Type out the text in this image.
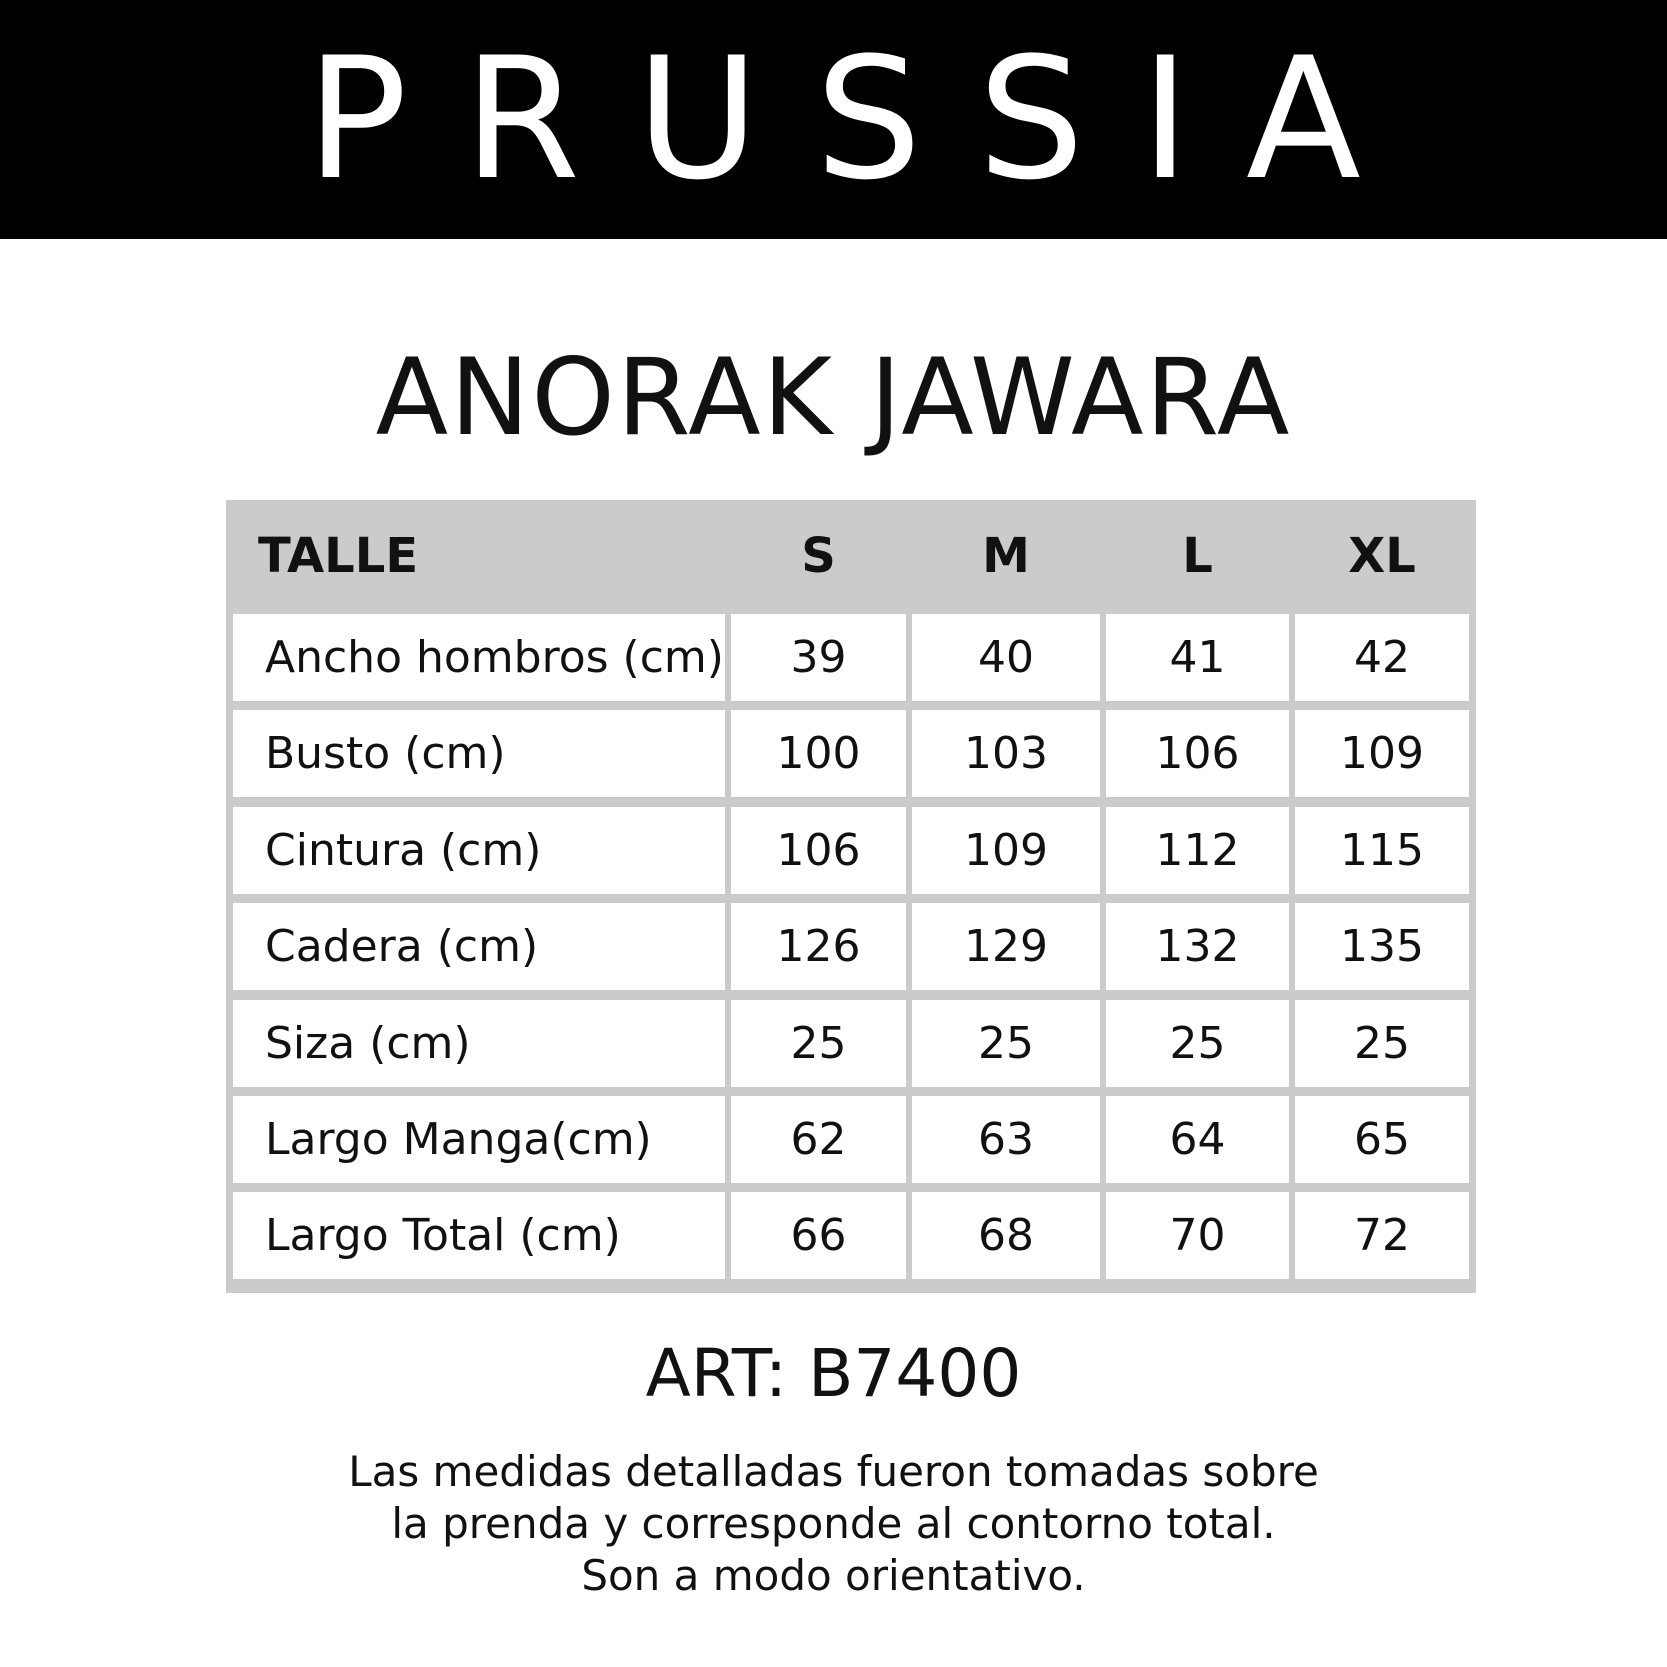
PRUSSIA
ANORAK JAWARA
TALLE	S	M	L	XL
Ancho hombros (cm)	39	40	41	42
Busto (cm)	100	103	106	109
Cintura (cm)	106	109	112	115
Cadera (cm)	126	129	132	135
Siza (cm)	25	25	25	25
Largo Manga(cm)	62	63	64	65
Largo Total (cm)	66	68	70	72
ART: B7400
Las medidas detalladas fueron tomadas sobre
la prenda y corresponde al contorno total.
Son a modo orientativo.
